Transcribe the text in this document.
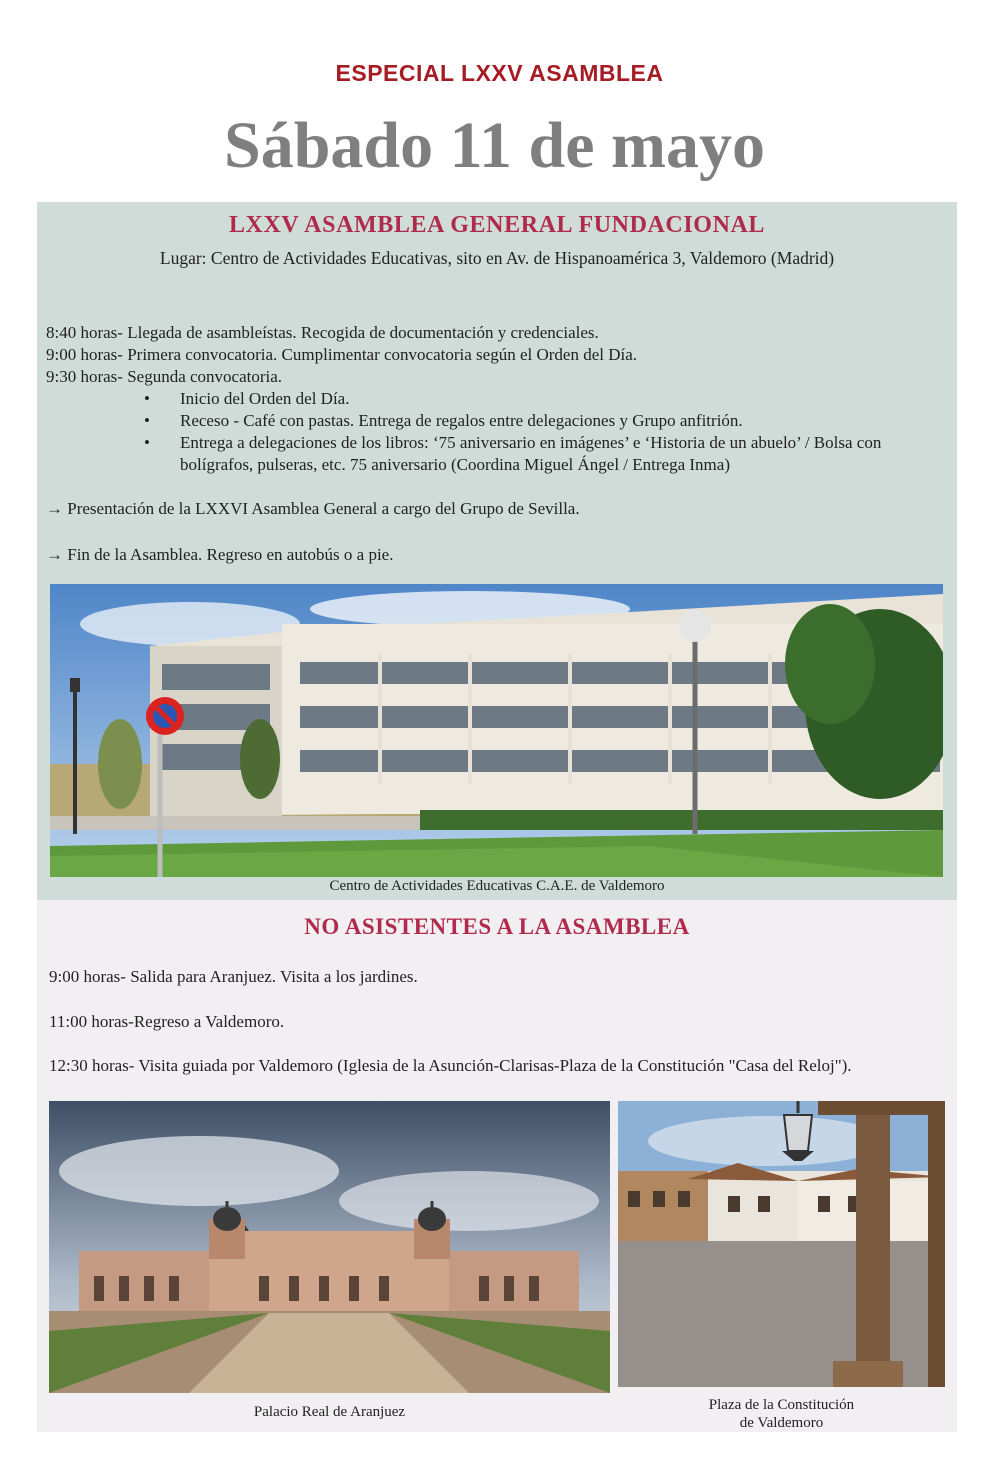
ESPECIAL LXXV ASAMBLEA
Sábado 11 de mayo
LXXV ASAMBLEA GENERAL FUNDACIONAL
Lugar: Centro de Actividades Educativas, sito en Av. de Hispanoamérica 3, Valdemoro (Madrid)

8:40 horas- Llegada de asambleístas. Recogida de documentación y credenciales.

9:00 horas- Primera convocatoria. Cumplimentar convocatoria según el Orden del Día.

9:30 horas- Segunda convocatoria.

• Inicio del Orden del Día.
• Receso - Café con pastas. Entrega de regalos entre delegaciones y Grupo anfitrión.
• Entrega a delegaciones de los libros: ‘75 aniversario en imágenes’ e ‘Historia de un abuelo’ / Bolsa con bolígrafos, pulseras, etc. 75 aniversario (Coordina Miguel Ángel / Entrega Inma)
→ Presentación de la LXXVI Asamblea General a cargo del Grupo de Sevilla.
→ Fin de la Asamblea. Regreso en autobús o a pie.
Centro de Actividades Educativas C.A.E. de Valdemoro
NO ASISTENTES A LA ASAMBLEA
9:00 horas- Salida para Aranjuez. Visita a los jardines.
11:00 horas-Regreso a Valdemoro.
12:30 horas- Visita guiada por Valdemoro (Iglesia de la Asunción-Clarisas-Plaza de la Constitución "Casa del Reloj").
Palacio Real de Aranjuez	Plaza de la Constitución
de Valdemoro
